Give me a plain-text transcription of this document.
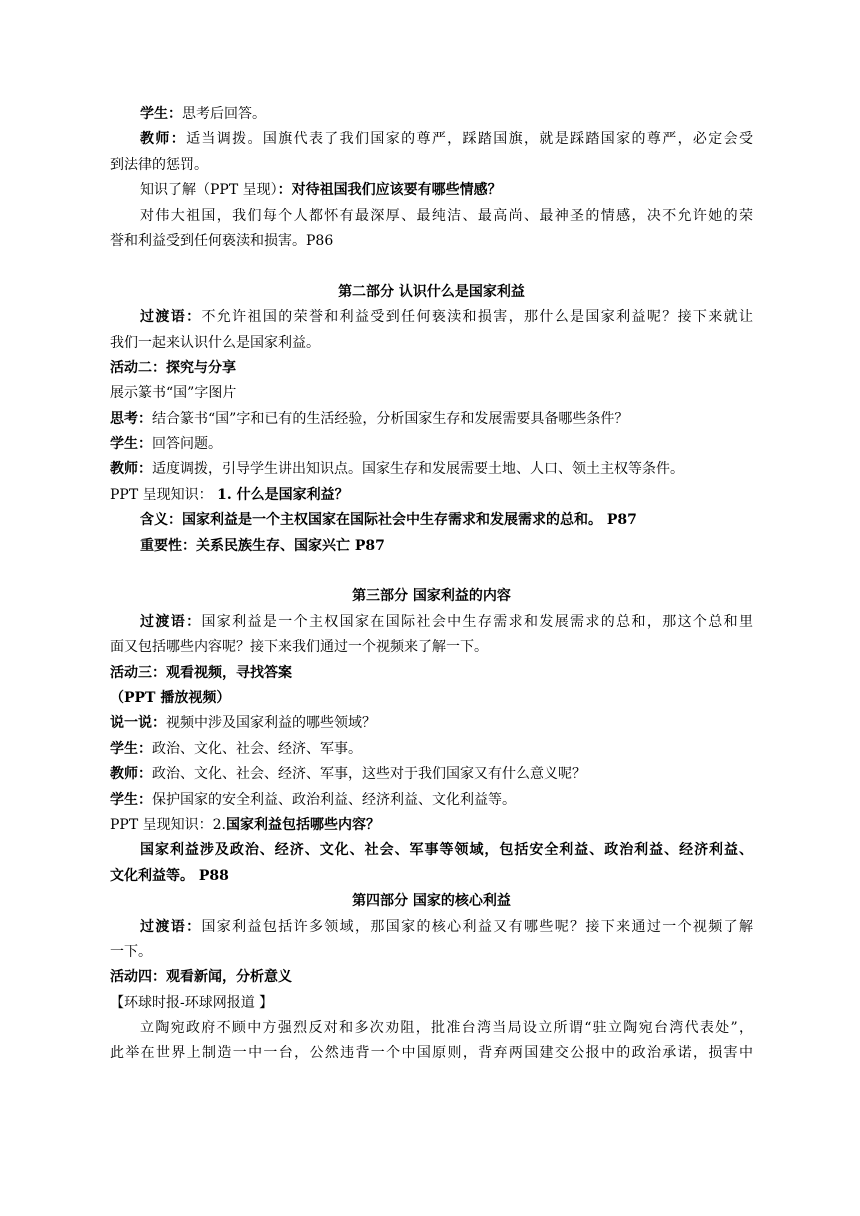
学生：思考后回答。
教师：适当调拨。国旗代表了我们国家的尊严，踩踏国旗，就是踩踏国家的尊严，必定会受
到法律的惩罚。
知识了解（PPT 呈现）：对待祖国我们应该要有哪些情感？
对伟大祖国，我们每个人都怀有最深厚、最纯洁、最高尚、最神圣的情感，决不允许她的荣
誉和利益受到任何亵渎和损害。P86
第二部分 认识什么是国家利益
过渡语：不允许祖国的荣誉和利益受到任何亵渎和损害，那什么是国家利益呢？接下来就让
我们一起来认识什么是国家利益。
活动二：探究与分享
展示篆书“国”字图片
思考：结合篆书“国”字和已有的生活经验，分析国家生存和发展需要具备哪些条件？
学生：回答问题。
教师：适度调拨，引导学生讲出知识点。国家生存和发展需要土地、人口、领土主权等条件。
PPT 呈现知识： 1. 什么是国家利益？
含义：国家利益是一个主权国家在国际社会中生存需求和发展需求的总和。 P87
重要性：关系民族生存、国家兴亡 P87
第三部分 国家利益的内容
过渡语：国家利益是一个主权国家在国际社会中生存需求和发展需求的总和，那这个总和里
面又包括哪些内容呢？接下来我们通过一个视频来了解一下。
活动三：观看视频，寻找答案
（PPT 播放视频）
说一说：视频中涉及国家利益的哪些领域？
学生：政治、文化、社会、经济、军事。
教师：政治、文化、社会、经济、军事，这些对于我们国家又有什么意义呢？
学生：保护国家的安全利益、政治利益、经济利益、文化利益等。
PPT 呈现知识：2.国家利益包括哪些内容？
国家利益涉及政治、经济、文化、社会、军事等领域，包括安全利益、政治利益、经济利益、
文化利益等。 P88
第四部分 国家的核心利益
过渡语：国家利益包括许多领域，那国家的核心利益又有哪些呢？接下来通过一个视频了解
一下。
活动四：观看新闻，分析意义
【环球时报-环球网报道 】
立陶宛政府不顾中方强烈反对和多次劝阻，批准台湾当局设立所谓“驻立陶宛台湾代表处”，
此举在世界上制造一中一台，公然违背一个中国原则，背弃两国建交公报中的政治承诺，损害中
